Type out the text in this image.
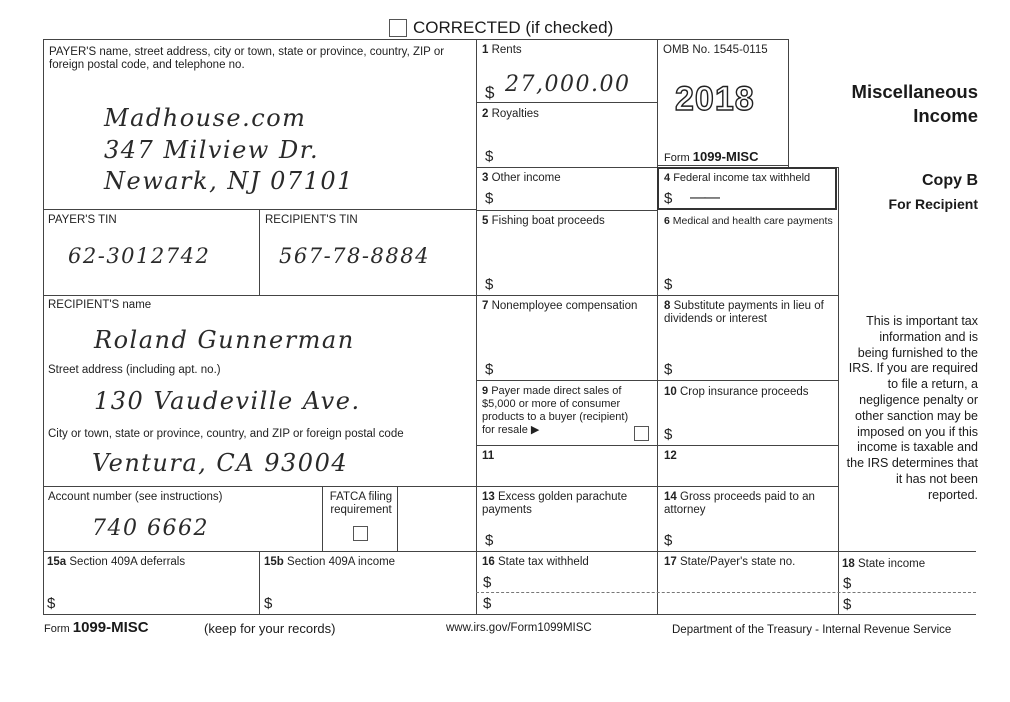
CORRECTED (if checked)
PAYER'S name, street address, city or town, state or province, country, ZIP or foreign postal code, and telephone no.
Madhouse.com
347 Milview Dr.
Newark, NJ 07101
PAYER'S TIN
62-3012742
RECIPIENT'S TIN
567-78-8884
RECIPIENT'S name
Roland Gunnerman
Street address (including apt. no.)
130 Vaudeville Ave.
City or town, state or province, country, and ZIP or foreign postal code
Ventura, CA 93004
Account number (see instructions)
740 6662
FATCA filing requirement
1 Rents
$ 27,000.00
2 Royalties
$
3 Other income
$
5 Fishing boat proceeds
$
7 Nonemployee compensation
$
9 Payer made direct sales of $5,000 or more of consumer products to a buyer (recipient) for resale ▶
11
13 Excess golden parachute payments
$
16 State tax withheld
$
$
OMB No. 1545-0115
2018
Form 1099-MISC
4 Federal income tax withheld
$ ——
6 Medical and health care payments
$
8 Substitute payments in lieu of dividends or interest
$
10 Crop insurance proceeds
$
12
14 Gross proceeds paid to an attorney
$
17 State/Payer's state no.
15a Section 409A deferrals
$
15b Section 409A income
$
Miscellaneous Income
Copy B
For Recipient
This is important tax information and is being furnished to the IRS. If you are required to file a return, a negligence penalty or other sanction may be imposed on you if this income is taxable and the IRS determines that it has not been reported.
18 State income
$
$
Form 1099-MISC	(keep for your records)	www.irs.gov/Form1099MISC	Department of the Treasury - Internal Revenue Service
